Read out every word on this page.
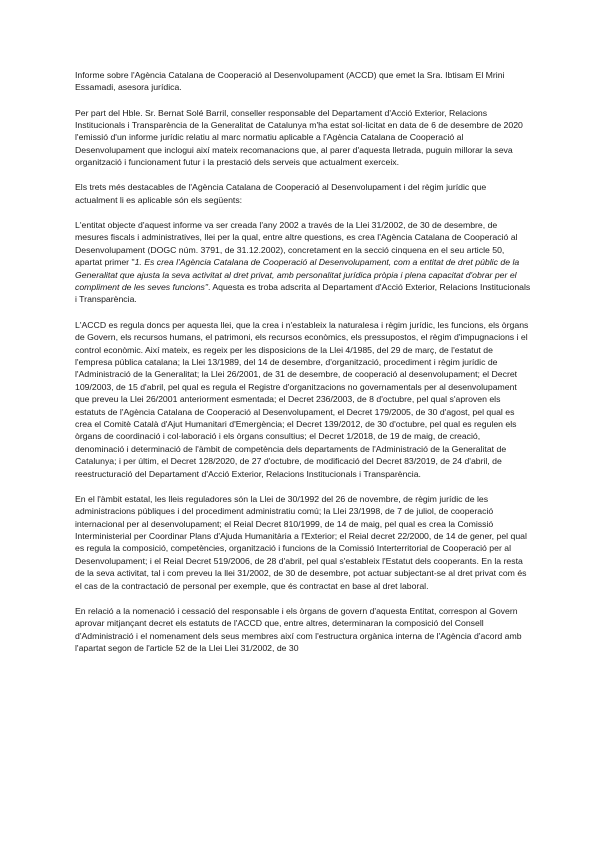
Informe sobre l'Agència Catalana de Cooperació al Desenvolupament (ACCD) que emet la Sra. Ibtisam El Mrini Essamadi, asesora jurídica.

Per part del Hble. Sr. Bernat Solé Barril, conseller responsable del Departament d'Acció Exterior, Relacions Institucionals i Transparència de la Generalitat de Catalunya m'ha estat sol·licitat en data de 6 de desembre de 2020 l'emissió d'un informe jurídic relatiu al marc normatiu aplicable a l'Agència Catalana de Cooperació al Desenvolupament que inclogui així mateix recomanacions que, al parer d'aquesta lletrada, puguin millorar la seva organització i funcionament futur i la prestació dels serveis que actualment exerceix.

Els trets més destacables de l'Agència Catalana de Cooperació al Desenvolupament i del règim jurídic que actualment li es aplicable són els següents:

L'entitat objecte d'aquest informe va ser creada l'any 2002 a través de la Llei 31/2002, de 30 de desembre, de mesures fiscals i administratives, llei per la qual, entre altre questions, es crea l'Agència Catalana de Cooperació al Desenvolupament (DOGC núm. 3791, de 31.12.2002), concretament en la secció cinquena en el seu article 50, apartat primer "1. Es crea l'Agència Catalana de Cooperació al Desenvolupament, com a entitat de dret públic de la Generalitat que ajusta la seva activitat al dret privat, amb personalitat jurídica pròpia i plena capacitat d'obrar per el compliment de les seves funcions". Aquesta es troba adscrita al Departament d'Acció Exterior, Relacions Institucionals i Transparència.

L'ACCD es regula doncs per aquesta llei, que la crea i n'estableix la naturalesa i règim jurídic, les funcions, els òrgans de Govern, els recursos humans, el patrimoni, els recursos econòmics, els pressupostos, el règim d'impugnacions i el control econòmic. Així mateix, es regeix per les disposicions de la Llei 4/1985, del 29 de març, de l'estatut de l'empresa pública catalana; la Llei 13/1989, del 14 de desembre, d'organització, procediment i règim jurídic de l'Administració de la Generalitat; la Llei 26/2001, de 31 de desembre, de cooperació al desenvolupament; el Decret 109/2003, de 15 d'abril, pel qual es regula el Registre d'organitzacions no governamentals per al desenvolupament que preveu la Llei 26/2001 anteriorment esmentada; el Decret 236/2003, de 8 d'octubre, pel qual s'aproven els estatuts de l'Agència Catalana de Cooperació al Desenvolupament, el Decret 179/2005, de 30 d'agost, pel qual es crea el Comitè Català d'Ajut Humanitari d'Emergència; el Decret 139/2012, de 30 d'octubre, pel qual es regulen els òrgans de coordinació i col·laboració i els òrgans consultius; el Decret 1/2018, de 19 de maig, de creació, denominació i determinació de l'àmbit de competència dels departaments de l'Administració de la Generalitat de Catalunya; i per últim, el Decret 128/2020, de 27 d'octubre, de modificació del Decret 83/2019, de 24 d'abril, de reestructuració del Departament d'Acció Exterior, Relacions Institucionals i Transparència.

En el l'àmbit estatal, les lleis reguladores són la Llei de 30/1992 del 26 de novembre, de règim jurídic de les administracions públiques i del procediment administratiu comú; la Llei 23/1998, de 7 de juliol, de cooperació internacional per al desenvolupament; el Reial Decret 810/1999, de 14 de maig, pel qual es crea la Comissió Interministerial per Coordinar Plans d'Ajuda Humanitària a l'Exterior; el Reial decret 22/2000, de 14 de gener, pel qual es regula la composició, competències, organització i funcions de la Comissió Interterritorial de Cooperació per al Desenvolupament; i el Reial Decret 519/2006, de 28 d'abril, pel qual s'estableix l'Estatut dels cooperants. En la resta de la seva activitat, tal i com preveu la llei 31/2002, de 30 de desembre, pot actuar subjectant-se al dret privat com és el cas de la contractació de personal per exemple, que és contractat en base al dret laboral.

En relació a la nomenació i cessació del responsable i els òrgans de govern d'aquesta Entitat, correspon al Govern aprovar mitjançant decret els estatuts de l'ACCD que, entre altres, determinaran la composició del Consell d'Administració i el nomenament dels seus membres així com l'estructura orgànica interna de l'Agència d'acord amb l'apartat segon de l'article 52 de la Llei Llei 31/2002, de 30
